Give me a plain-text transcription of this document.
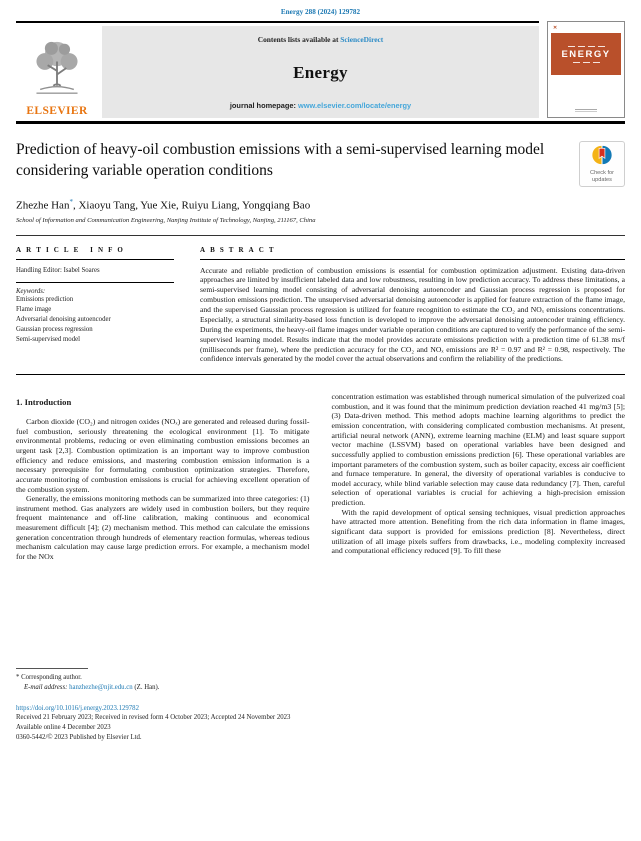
Energy 288 (2024) 129782
ELSEVIER
Contents lists available at ScienceDirect
Energy
journal homepage: www.elsevier.com/locate/energy
✕
ENERGY
Prediction of heavy-oil combustion emissions with a semi-supervised learning model considering variable operation conditions	Check for updates
Zhezhe Han*, Xiaoyu Tang, Yue Xie, Ruiyu Liang, Yongqiang Bao
School of Information and Communication Engineering, Nanjing Institute of Technology, Nanjing, 211167, China
A R T I C L E   I N F O
Handling Editor: Isabel Soares
Keywords:
Emissions prediction
Flame image
Adversarial denoising autoencoder
Gaussian process regression
Semi-supervised model
A B S T R A C T
Accurate and reliable prediction of combustion emissions is essential for combustion optimization adjustment. Existing data-driven approaches are limited by insufficient labeled data and low robustness, resulting in low prediction accuracy. To address these limitations, a semi-supervised learning model consisting of adversarial denoising autoencoder and Gaussian process regression is proposed for combustion emissions prediction. The unsupervised adversarial denoising autoencoder is applied for feature extraction of the flame image, and the supervised Gaussian process regression is utilized for feature recognition to estimate the CO₂ and NOₓ emissions concentrations. Especially, a structural similarity-based loss function is developed to improve the adversarial denoising autoencoder training efficiency. During the experiments, the heavy-oil flame images under variable operation conditions are captured to verify the performance of the semi-supervised learning model. Results indicate that the model provides accurate emissions prediction with a prediction time of 61.38 ms/f (milliseconds per frame), where the prediction accuracy for the CO₂ and NOₓ emissions are R² = 0.97 and R² = 0.98, respectively. The confidence intervals generated by the model cover the actual observations and confirm the reliability of the predictions.
1. Introduction

Carbon dioxide (CO₂) and nitrogen oxides (NOₓ) are generated and released during fossil-fuel combustion, seriously threatening the ecological environment [1]. To mitigate environmental problems, reducing or even eliminating combustion emissions becomes an urgent task [2,3]. Combustion optimization is an important way to improve combustion efficiency and reduce emissions, and mastering combustion emission information is a necessary prerequisite for formulating combustion optimization strategies. Therefore, accurate monitoring of combustion emissions is crucial for achieving excellent operation of the combustion system.

Generally, the emissions monitoring methods can be summarized into three categories: (1) instrument method. Gas analyzers are widely used in combustion boilers, but they require frequent maintenance and off-line calibration, making continuous and economical measurement difficult [4]; (2) mechanism method. This method can calculate the emissions generation concentration through hundreds of elementary reaction formulas, whereas tedious mechanism calculation may cause large prediction errors. For example, a mechanism model for the NOx

concentration estimation was established through numerical simulation of the pulverized coal combustion, and it was found that the minimum prediction deviation reached 41 mg/m3 [5]; (3) Data-driven method. This method adopts machine learning algorithms to predict the emission concentration, with considering complicated combustion mechanisms. At present, artificial neural network (ANN), extreme learning machine (ELM) and least square support vector machine (LSSVM) based on operational variables have been designed and successfully applied to combustion emissions prediction [6]. These operational variables are important parameters of the combustion system, such as boiler capacity, excess air coefficient and furnace temperature. In general, the diversity of operational variables is conducive to model accuracy, while blind variable selection may cause data redundancy [7]. Then, careful selection of operational variables is crucial for achieving a high-precision emission prediction.

With the rapid development of optical sensing techniques, visual prediction approaches have attracted more attention. Benefiting from the rich data information in flame images, significant data support is provided for emissions prediction [8]. Nevertheless, direct utilization of all image pixels suffers from drawbacks, i.e., modeling complexity increased and computational efficiency reduced [9]. To fill these

* Corresponding author.
E-mail address: hanzhezhe@njit.edu.cn (Z. Han).
https://doi.org/10.1016/j.energy.2023.129782
Received 21 February 2023; Received in revised form 4 October 2023; Accepted 24 November 2023
Available online 4 December 2023
0360-5442/© 2023 Published by Elsevier Ltd.
